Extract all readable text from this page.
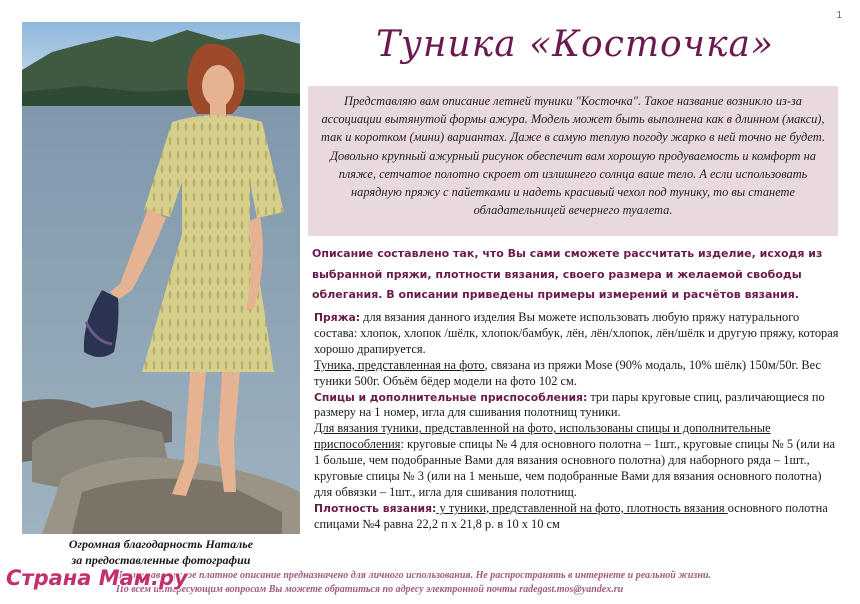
1
Огромная благодарность Наталье
за предоставленные фотографии
Туника «Косточка»
Представляю вам описание летней туники "Косточка". Такое название возникло из-за ассоциации вытянутой формы ажура. Модель может быть выполнена как в длинном (макси), так и коротком (мини) вариантах. Даже в самую теплую погоду жарко в ней точно не будет. Довольно крупный ажурный рисунок обеспечит вам хорошую продуваемость и комфорт на пляже, сетчатое полотно скроет от излишнего солнца ваше тело. А если использовать нарядную пряжу с пайетками и надеть красивый чехол под тунику, то вы станете обладательницей вечернего туалета.
Описание составлено так, что Вы сами сможете рассчитать изделие, исходя из выбранной пряжи, плотности вязания, своего размера и желаемой свободы облегания. В описании приведены примеры измерений и расчётов вязания.

Пряжа: для вязания данного изделия Вы можете использовать любую пряжу натурального состава: хлопок, хлопок /шёлк, хлопок/бамбук, лён, лён/хлопок, лён/шёлк и другую пряжу, которая хорошо драпируется.

Туника, представленная на фото, связана из пряжи Mose (90% модаль, 10% шёлк) 150м/50г. Вес туники 500г. Объём бёдер модели на фото 102 см.

Спицы и дополнительные приспособления: три пары круговые спиц, различающиеся по размеру на 1 номер, игла для сшивания полотнищ туники.

Для вязания туники, представленной на фото, использованы спицы и дополнительные приспособления: круговые спицы № 4 для основного полотна – 1шт., круговые спицы № 5 (или на 1 больше, чем подобранные Вами для вязания основного полотна) для наборного ряда – 1шт., круговые спицы № 3 (или на 1 меньше, чем подобранные Вами для вязания основного полотна) для обвязки – 1шт., игла для сшивания полотнищ.

Плотность вязания: у туники, представленной на фото, плотность вязания основного полотна спицами №4 равна 22,2 п х 21,8 р. в 10 х 10 см

Данное авторское платное описание предназначено для личного использования. Не распространять в интернете и реальной жизни.
По всем интересующим вопросам Вы можете обратиться по адресу электронной почты radegast.mos@yandex.ru
Страна Мам.ру
